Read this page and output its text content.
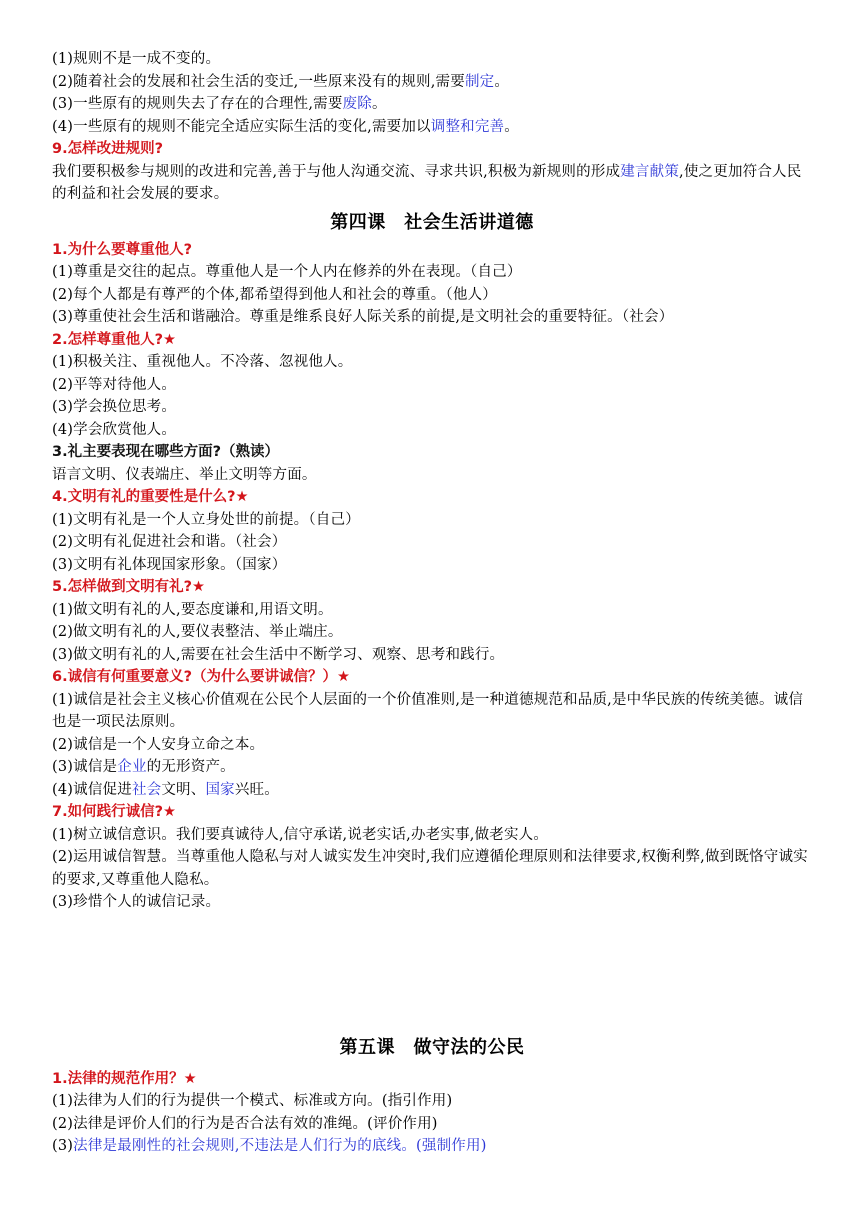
(1)规则不是一成不变的。
(2)随着社会的发展和社会生活的变迁,一些原来没有的规则,需要制定。
(3)一些原有的规则失去了存在的合理性,需要废除。
(4)一些原有的规则不能完全适应实际生活的变化,需要加以调整和完善。
9.怎样改进规则?
我们要积极参与规则的改进和完善,善于与他人沟通交流、寻求共识,积极为新规则的形成建言献策,使之更加符合人民的利益和社会发展的要求。
第四课　社会生活讲道德
1.为什么要尊重他人?
(1)尊重是交往的起点。尊重他人是一个人内在修养的外在表现。（自己）
(2)每个人都是有尊严的个体,都希望得到他人和社会的尊重。（他人）
(3)尊重使社会生活和谐融洽。尊重是维系良好人际关系的前提,是文明社会的重要特征。（社会）
2.怎样尊重他人?★
(1)积极关注、重视他人。不冷落、忽视他人。
(2)平等对待他人。
(3)学会换位思考。
(4)学会欣赏他人。
3.礼主要表现在哪些方面?（熟读）
语言文明、仪表端庄、举止文明等方面。
4.文明有礼的重要性是什么?★
(1)文明有礼是一个人立身处世的前提。（自己）
(2)文明有礼促进社会和谐。（社会）
(3)文明有礼体现国家形象。（国家）
5.怎样做到文明有礼?★
(1)做文明有礼的人,要态度谦和,用语文明。
(2)做文明有礼的人,要仪表整洁、举止端庄。
(3)做文明有礼的人,需要在社会生活中不断学习、观察、思考和践行。
6.诚信有何重要意义?（为什么要讲诚信？）★
(1)诚信是社会主义核心价值观在公民个人层面的一个价值准则,是一种道德规范和品质,是中华民族的传统美德。诚信也是一项民法原则。
(2)诚信是一个人安身立命之本。
(3)诚信是企业的无形资产。
(4)诚信促进社会文明、国家兴旺。
7.如何践行诚信?★
(1)树立诚信意识。我们要真诚待人,信守承诺,说老实话,办老实事,做老实人。
(2)运用诚信智慧。当尊重他人隐私与对人诚实发生冲突时,我们应遵循伦理原则和法律要求,权衡利弊,做到既恪守诚实的要求,又尊重他人隐私。
(3)珍惜个人的诚信记录。
第五课　做守法的公民
1.法律的规范作用？★
(1)法律为人们的行为提供一个模式、标准或方向。(指引作用)
(2)法律是评价人们的行为是否合法有效的准绳。(评价作用)
(3)法律是最刚性的社会规则,不违法是人们行为的底线。(强制作用)
